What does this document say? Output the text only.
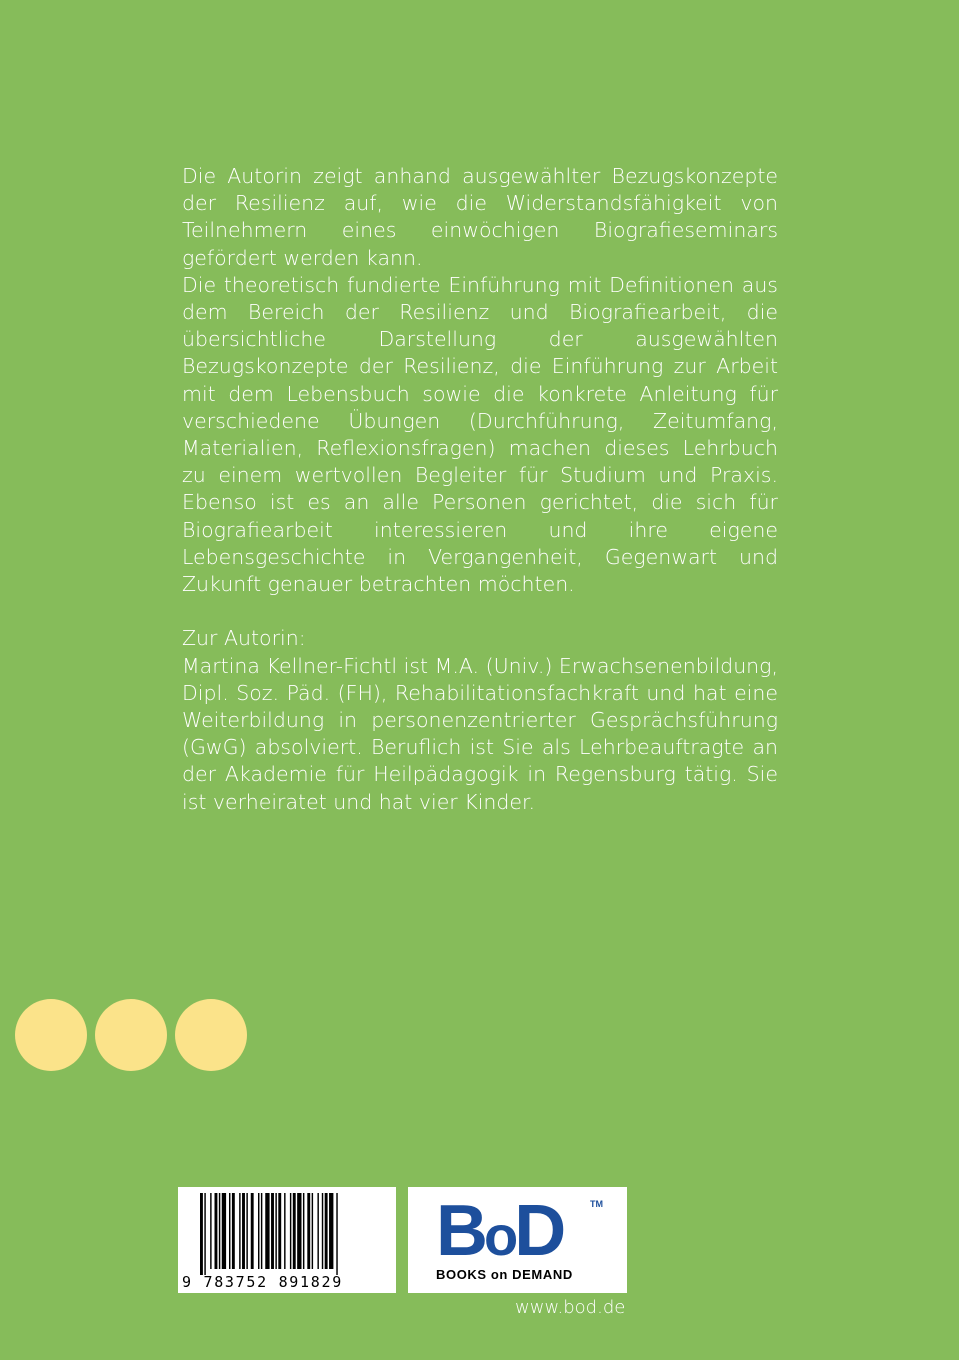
Die Autorin zeigt anhand ausgewählter Bezugskonzepte der Resilienz auf, wie die Widerstandsfähigkeit von Teilnehmern eines einwöchigen Biografieseminars gefördert werden kann.

Die theoretisch fundierte Einführung mit Definitionen aus dem Bereich der Resilienz und Biografiearbeit, die übersichtliche Darstellung der ausgewählten Bezugskonzepte der Resilienz, die Einführung zur Arbeit mit dem Lebensbuch sowie die konkrete Anleitung für verschiedene Übungen (Durchführung, Zeitumfang, Materialien, Reflexionsfragen) machen dieses Lehrbuch zu einem wertvollen Begleiter für Studium und Praxis. Ebenso ist es an alle Personen gerichtet, die sich für Biografiearbeit interessieren und ihre eigene Lebensgeschichte in Vergangenheit, Gegenwart und Zukunft genauer betrachten möchten.

Zur Autorin:

Martina Kellner-Fichtl ist M.A. (Univ.) Erwachsenenbildung, Dipl. Soz. Päd. (FH), Rehabilitationsfachkraft und hat eine Weiterbildung in personenzentrierter Gesprächsführung (GwG) absolviert. Beruflich ist Sie als Lehrbeauftragte an der Akademie für Heilpädagogik in Regensburg tätig. Sie ist verheiratet und hat vier Kinder.

9 783752 891829
BoD	TM
BOOKS on DEMAND
www.bod.de
